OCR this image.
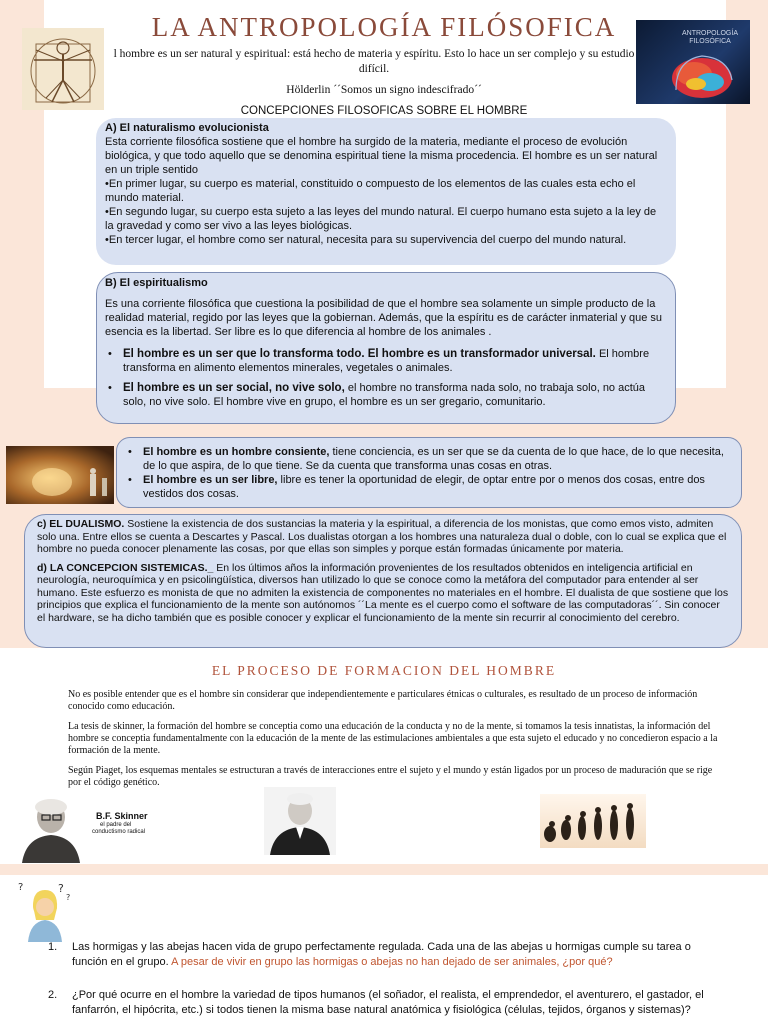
ANTROPOLOGÍA FILOSÓFICA
LA ANTROPOLOGÍA FILÓSOFICA
l hombre es un ser natural y espiritual: está hecho de materia y espíritu. Esto lo hace un ser complejo y su estudio difícil.
Hölderlin ´´Somos un signo indescifrado´´
CONCEPCIONES FILOSOFICAS SOBRE EL HOMBRE
A) El naturalismo evolucionista

Esta corriente filosófica sostiene que el hombre ha surgido de la materia, mediante el proceso de evolución biológica, y que todo aquello que se denomina espiritual tiene la misma procedencia. El hombre es un ser natural en un triple sentido

•En primer lugar, su cuerpo es material, constituido o compuesto de los elementos de las cuales esta echo el mundo material.

•En segundo lugar, su cuerpo esta sujeto a las leyes del mundo natural. El cuerpo humano esta sujeto a la ley de la gravedad y como ser vivo a las leyes biológicas.

•En tercer lugar, el hombre como ser natural, necesita para su supervivencia del cuerpo del mundo natural.

B) El espiritualismo

Es una corriente filosófica que cuestiona la posibilidad de que el hombre sea solamente un simple producto de la realidad material, regido por las leyes que la gobiernan. Además, que la espíritu es de carácter inmaterial y que su esencia es la libertad. Ser libre es lo que diferencia al hombre de los animales .

• El hombre es un ser que lo transforma todo. El hombre es un transformador universal. El hombre transforma en alimento elementos minerales, vegetales o animales.
• El hombre es un ser social, no vive solo, el hombre no transforma nada solo, no trabaja solo, no actúa solo, no vive solo. El hombre vive en grupo, el hombre es un ser gregario, comunitario.
• El hombre es un hombre consiente, tiene conciencia, es un ser que se da cuenta de lo que hace, de lo que necesita, de lo que aspira, de lo que tiene. Se da cuenta que transforma unas cosas en otras.
• El hombre es un ser libre, libre es tener la oportunidad de elegir, de optar entre por o menos dos cosas, entre dos vestidos dos cosas.

c) EL DUALISMO. Sostiene la existencia de dos sustancias la materia y la espiritual, a diferencia de los monistas, que como emos visto, admiten solo una. Entre ellos se cuenta a Descartes y Pascal. Los dualistas otorgan a los hombres una naturaleza dual o doble, con lo cual se explica que el hombre no pueda conocer plenamente las cosas, por que ellas son simples y porque están formadas únicamente por materia.

d) LA CONCEPCION SISTEMICAS._ En los últimos años la información provenientes de los resultados obtenidos en inteligencia artificial en neurología, neuroquímica y en psicolingüística, diversos han utilizado lo que se conoce como la metáfora del computador para entender al ser humano. Este esfuerzo es monista de que no admiten la existencia de componentes no materiales en el hombre. El dualista de que sostiene que los principios que explica el funcionamiento de la mente son autónomos ´´La mente es el cuerpo como el software de las computadoras´´. Sin conocer el hardware, se ha dicho también que es posible conocer y explicar el funcionamiento de la mente sin recurrir al conocimiento del cerebro.

EL PROCESO DE FORMACION DEL HOMBRE

No es posible entender que es el hombre sin considerar que independientemente e particulares étnicas o culturales, es resultado de un proceso de información conocido como educación.

La tesis de skinner, la formación del hombre se conceptia como una educación de la conducta y no de la mente, si tomamos la tesis innatistas, la información del hombre se conceptia fundamentalmente con la educación de la mente de las estimulaciones ambientales a que esta sujeto el educado y no concedieron espacio a la formación de la mente.

Según Piaget, los esquemas mentales se estructuran a través de interacciones entre el sujeto y el mundo y están ligados por un proceso de maduración que se rige por el código genético.

B.F. Skinner
el padre del
conductismo radical
?	?
?
1. Las hormigas y las abejas hacen vida de grupo perfectamente regulada. Cada una de las abejas u hormigas cumple su tarea o función en el grupo. A pesar de vivir en grupo las hormigas o abejas no han dejado de ser animales, ¿por qué?
2. ¿Por qué ocurre en el hombre la variedad de tipos humanos (el soñador, el realista, el emprendedor, el aventurero, el gastador, el fanfarrón, el hipócrita, etc.) si todos tienen la misma base natural anatómica y fisiológica (células, tejidos, órganos y sistemas)?
